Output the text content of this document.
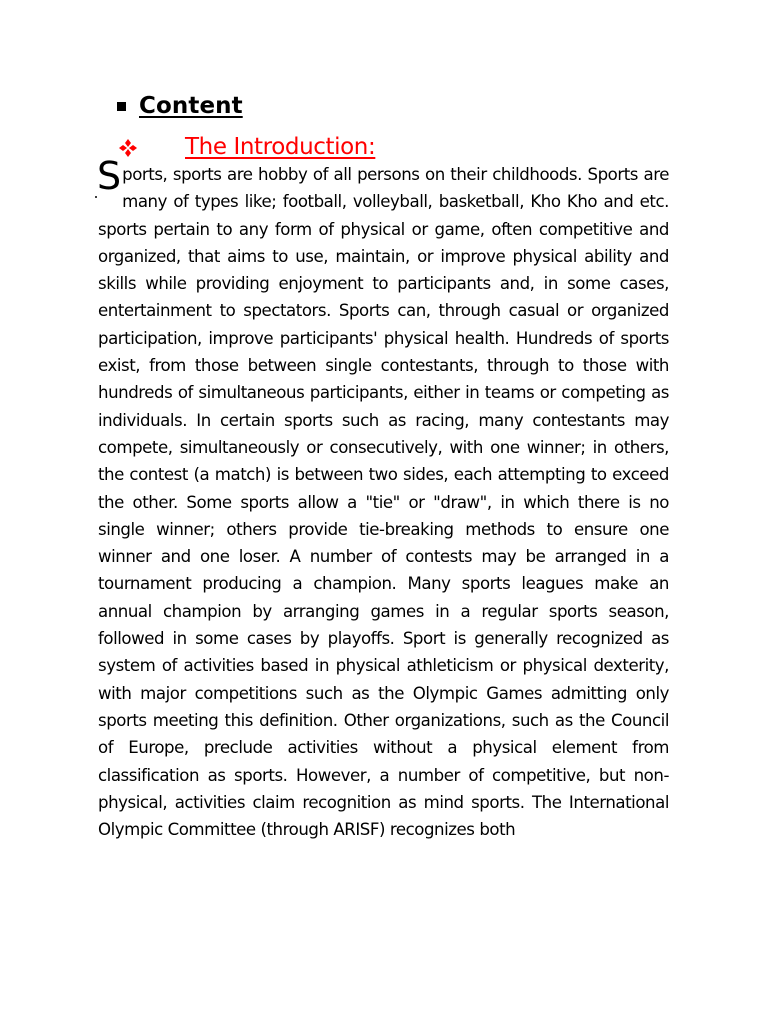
Content
The Introduction:

Sports, sports are hobby of all persons on their childhoods. Sports are many of types like; football, volleyball, basketball, Kho Kho and etc. sports pertain to any form of physical or game, often competitive and organized, that aims to use, maintain, or improve physical ability and skills while providing enjoyment to participants and, in some cases, entertainment to spectators. Sports can, through casual or organized participation, improve participants' physical health. Hundreds of sports exist, from those between single contestants, through to those with hundreds of simultaneous participants, either in teams or competing as individuals. In certain sports such as racing, many contestants may compete, simultaneously or consecutively, with one winner; in others, the contest (a match) is between two sides, each attempting to exceed the other. Some sports allow a "tie" or "draw", in which there is no single winner; others provide tie-breaking methods to ensure one winner and one loser. A number of contests may be arranged in a tournament producing a champion. Many sports leagues make an annual champion by arranging games in a regular sports season, followed in some cases by playoffs. Sport is generally recognized as system of activities based in physical athleticism or physical dexterity, with major competitions such as the Olympic Games admitting only sports meeting this definition. Other organizations, such as the Council of Europe, preclude activities without a physical element from classification as sports. However, a number of competitive, but non-physical, activities claim recognition as mind sports. The International Olympic Committee (through ARISF) recognizes both
